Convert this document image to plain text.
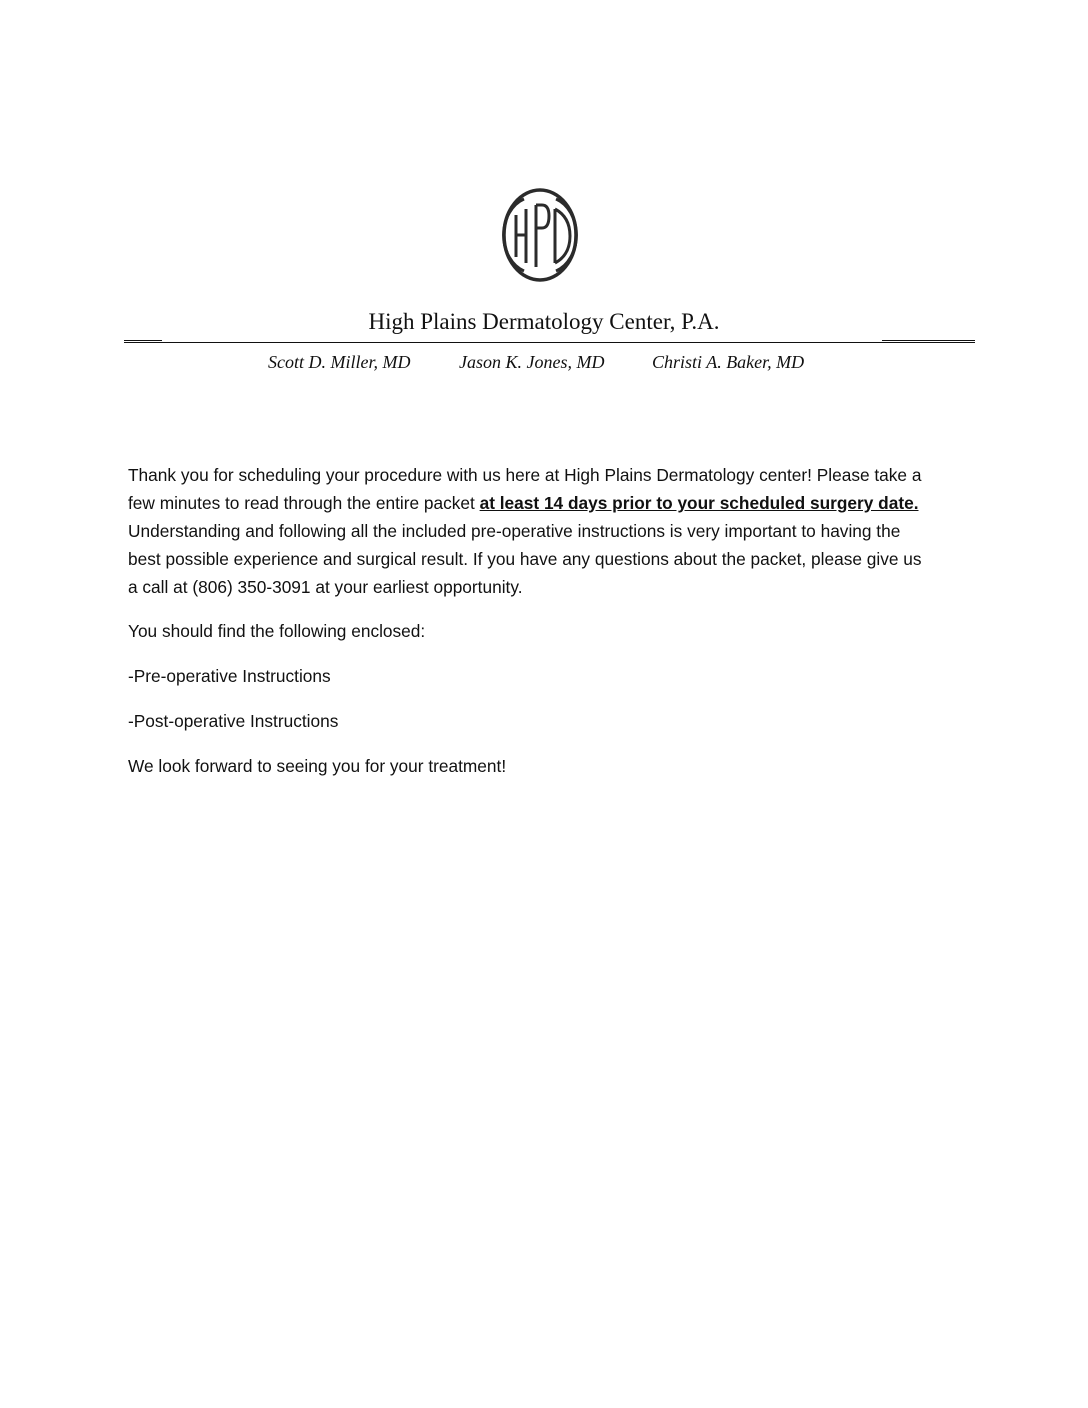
High Plains Dermatology Center, P.A.
Scott D. Miller, MD	Jason K. Jones, MD	Christi A. Baker, MD

Thank you for scheduling your procedure with us here at High Plains Dermatology center! Please take a
few minutes to read through the entire packet at least 14 days prior to your scheduled surgery date.
Understanding and following all the included pre-operative instructions is very important to having the
best possible experience and surgical result. If you have any questions about the packet, please give us
a call at (806) 350-3091 at your earliest opportunity.

You should find the following enclosed:

-Pre-operative Instructions

-Post-operative Instructions

We look forward to seeing you for your treatment!
